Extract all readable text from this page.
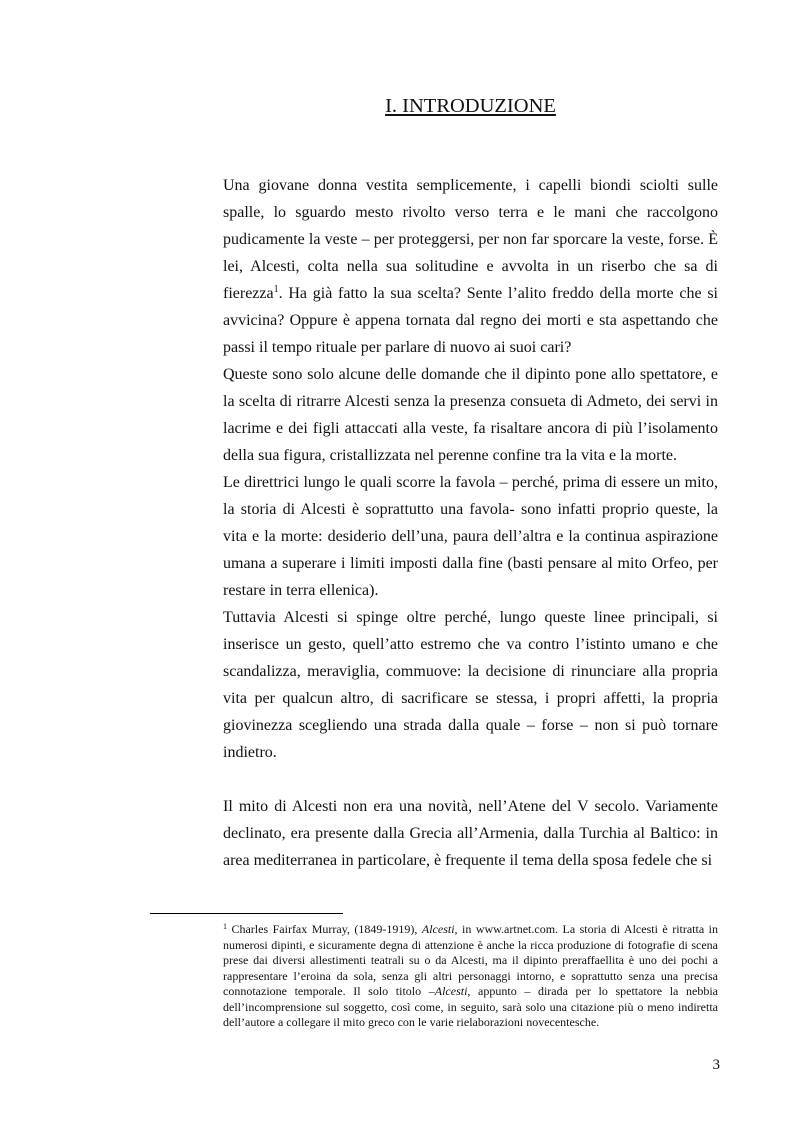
I. INTRODUZIONE

Una giovane donna vestita semplicemente, i capelli biondi sciolti sulle spalle, lo sguardo mesto rivolto verso terra e le mani che raccolgono pudicamente la veste – per proteggersi, per non far sporcare la veste, forse. È lei, Alcesti, colta nella sua solitudine e avvolta in un riserbo che sa di fierezza$^1$. Ha già fatto la sua scelta? Sente l’alito freddo della morte che si avvicina? Oppure è appena tornata dal regno dei morti e sta aspettando che passi il tempo rituale per parlare di nuovo ai suoi cari?

Queste sono solo alcune delle domande che il dipinto pone allo spettatore, e la scelta di ritrarre Alcesti senza la presenza consueta di Admeto, dei servi in lacrime e dei figli attaccati alla veste, fa risaltare ancora di più l’isolamento della sua figura, cristallizzata nel perenne confine tra la vita e la morte.

Le direttrici lungo le quali scorre la favola – perché, prima di essere un mito, la storia di Alcesti è soprattutto una favola- sono infatti proprio queste, la vita e la morte: desiderio dell’una, paura dell’altra e la continua aspirazione umana a superare i limiti imposti dalla fine (basti pensare al mito Orfeo, per restare in terra ellenica).

Tuttavia Alcesti si spinge oltre perché, lungo queste linee principali, si inserisce un gesto, quell’atto estremo che va contro l’istinto umano e che scandalizza, meraviglia, commuove: la decisione di rinunciare alla propria vita per qualcun altro, di sacrificare se stessa, i propri affetti, la propria giovinezza scegliendo una strada dalla quale – forse – non si può tornare indietro.

Il mito di Alcesti non era una novità, nell’Atene del V secolo. Variamente declinato, era presente dalla Grecia all’Armenia, dalla Turchia al Baltico: in area mediterranea in particolare, è frequente il tema della sposa fedele che si

$^1$ Charles Fairfax Murray, (1849-1919), Alcesti, in www.artnet.com. La storia di Alcesti è ritratta in numerosi dipinti, e sicuramente degna di attenzione è anche la ricca produzione di fotografie di scena prese dai diversi allestimenti teatrali su o da Alcesti, ma il dipinto preraffaellita è uno dei pochi a rappresentare l’eroina da sola, senza gli altri personaggi intorno, e soprattutto senza una precisa connotazione temporale. Il solo titolo –Alcesti, appunto – dirada per lo spettatore la nebbia dell’incomprensione sul soggetto, così come, in seguito, sarà solo una citazione più o meno indiretta dell’autore a collegare il mito greco con le varie rielaborazioni novecentesche.
3
